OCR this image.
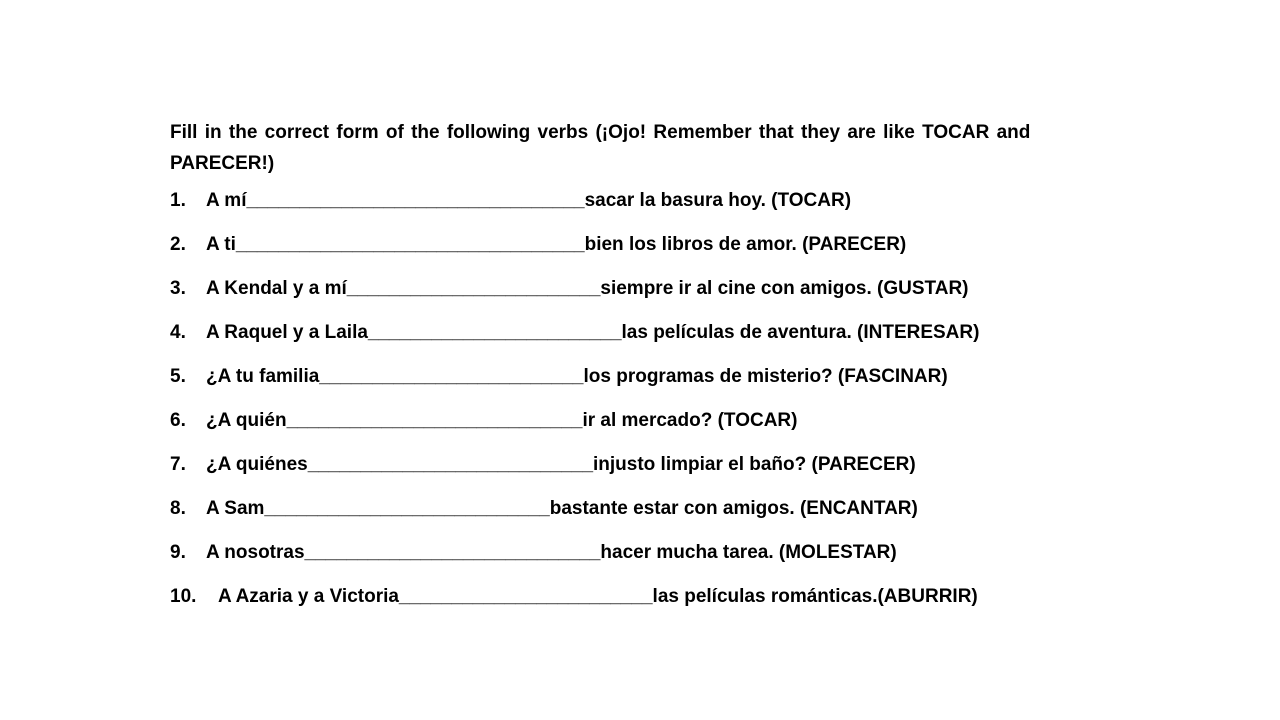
Fill in the correct form of the following verbs (¡Ojo! Remember that they are like TOCAR and PARECER!)

1.	A mí________________________________sacar la basura hoy. (TOCAR)
2.	A ti_________________________________bien los libros de amor. (PARECER)
3.	A Kendal y a mí________________________siempre ir al cine con amigos. (GUSTAR)
4.	A Raquel y a Laila________________________las películas de aventura. (INTERESAR)
5.	¿A tu familia_________________________los programas de misterio? (FASCINAR)
6.	¿A quién____________________________ir al mercado? (TOCAR)
7.	¿A quiénes___________________________injusto limpiar el baño? (PARECER)
8.	A Sam___________________________bastante estar con amigos. (ENCANTAR)
9.	A nosotras____________________________hacer mucha tarea. (MOLESTAR)
10.	A Azaria y a Victoria________________________las películas románticas.(ABURRIR)
